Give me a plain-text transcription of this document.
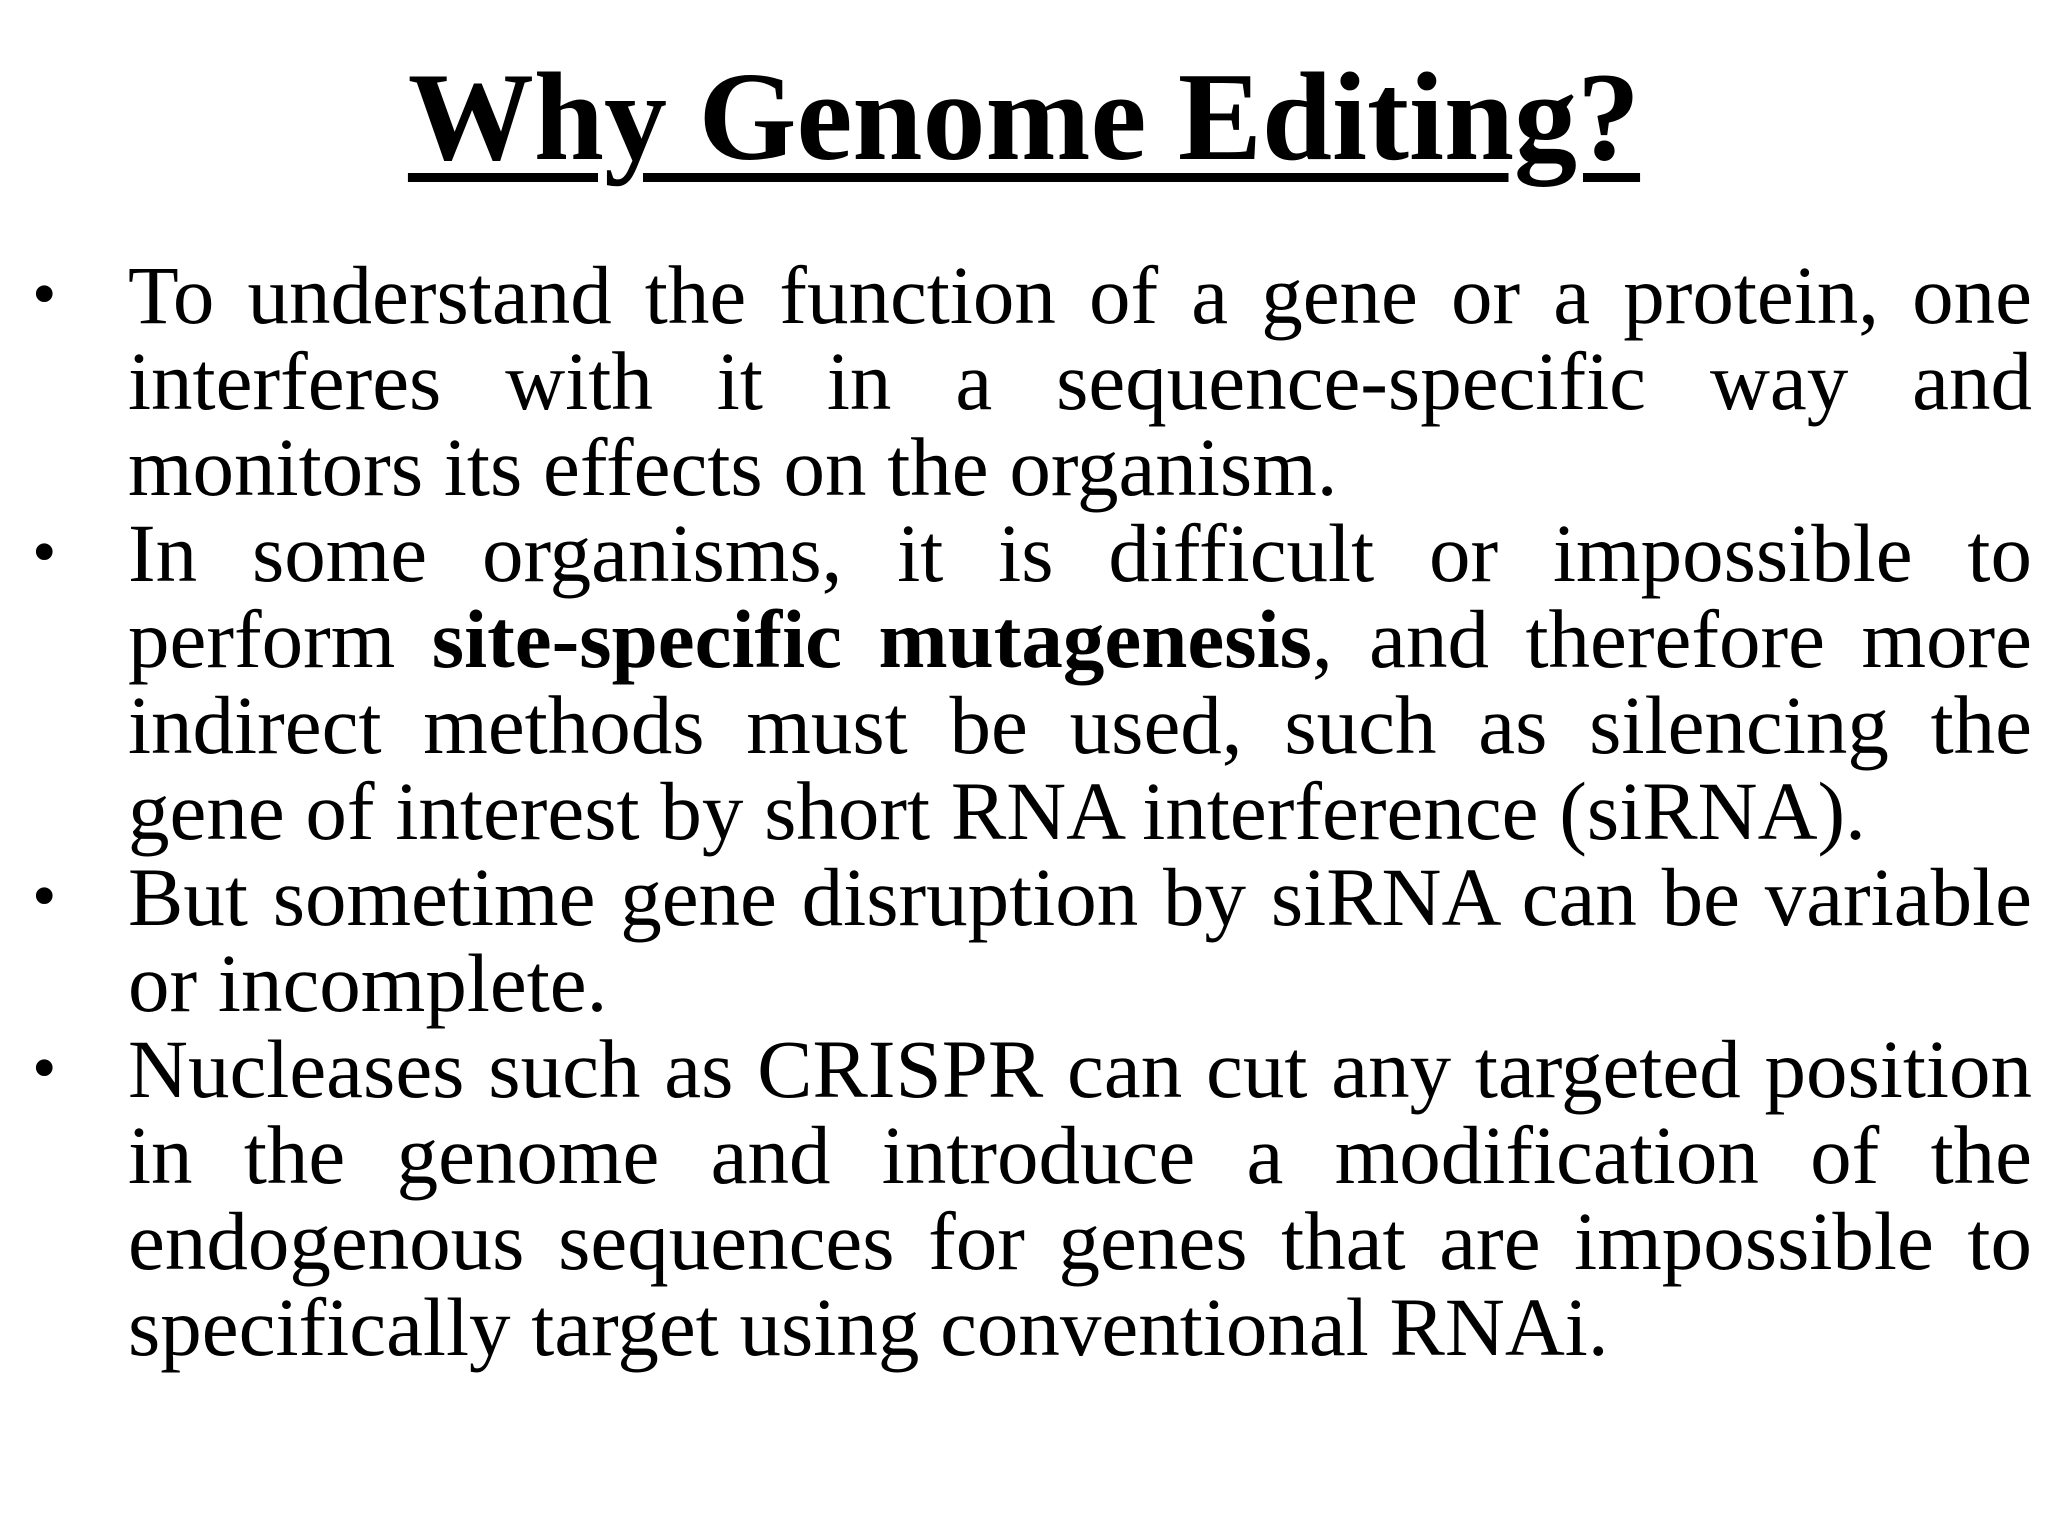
Why Genome Editing?
• To understand the function of a gene or a protein, one interferes with it in a sequence-specific way and monitors its effects on the organism.
• In some organisms, it is difficult or impossible to perform site-specific mutagenesis, and therefore more indirect methods must be used, such as silencing the gene of interest by short RNA interference (siRNA).
• But sometime gene disruption by siRNA can be variable or incomplete.
• Nucleases such as CRISPR can cut any targeted position in the genome and introduce a modification of the endogenous sequences for genes that are impossible to specifically target using conventional RNAi.
